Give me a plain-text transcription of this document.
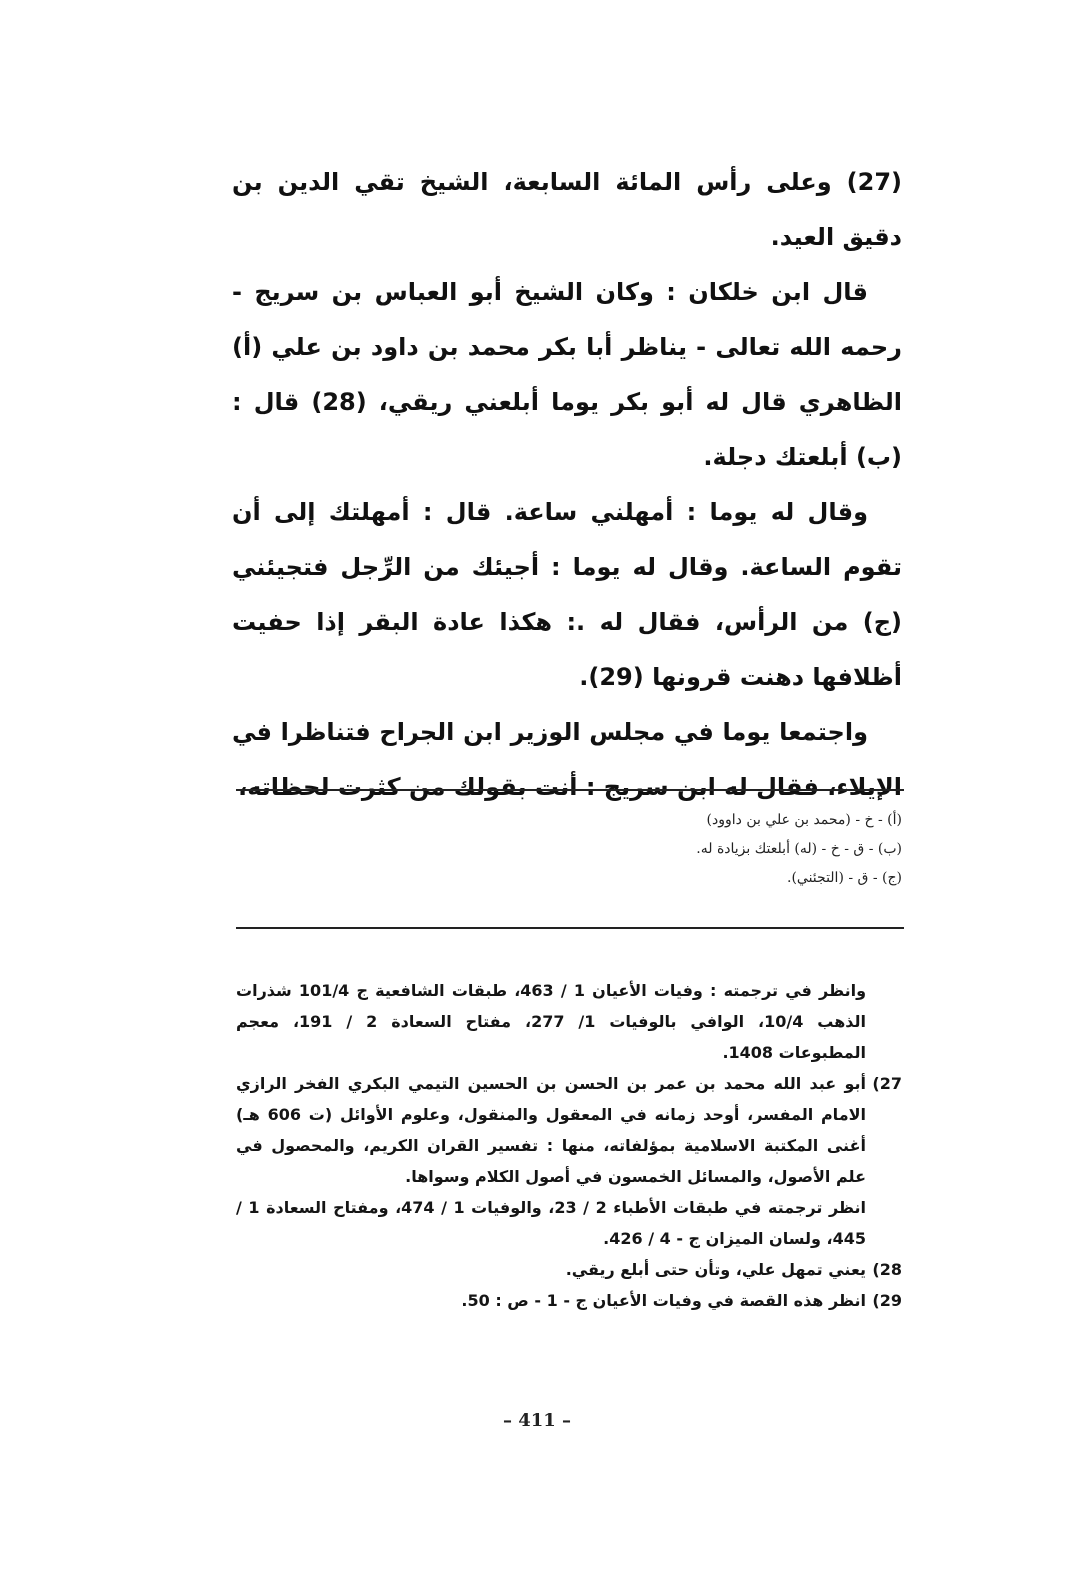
(27) وعلى رأس المائة السابعة، الشيخ تقي الدين بن دقيق العيد.

قال ابن خلكان : وكان الشيخ أبو العباس بن سريج - رحمه الله تعالى - يناظر أبا بكر محمد بن داود بن علي (أ) الظاهري قال له أبو بكر يوما أبلعني ريقي، (28) قال : (ب) أبلعتك دجلة.

وقال له يوما : أمهلني ساعة. قال : أمهلتك إلى أن تقوم الساعة. وقال له يوما : أجيئك من الرِّجل فتجيئني (ج) من الرأس، فقال له .: هكذا عادة البقر إذا حفيت أظلافها دهنت قرونها (29).

واجتمعا يوما في مجلس الوزير ابن الجراح فتناظرا في الإيلاء، فقال له ابن سريج : أنت بقولك من كثرت لحظاته،

(أ) - خ - (محمد بن علي بن داوود)
(ب) - ق - خ - (له) أبلعتك بزيادة له.
(ج) - ق - (التجئني).

وانظر في ترجمته : وفيات الأعيان 1 / 463، طبقات الشافعية ج 101/4 شذرات الذهب 10/4، الوافي بالوفيات 1/ 277، مفتاح السعادة 2 / 191، معجم المطبوعات 1408.

27)

أبو عبد الله محمد بن عمر بن الحسن بن الحسين التيمي البكري الفخر الرازي الامام المفسر، أوحد زمانه في المعقول والمنقول، وعلوم الأوائل (ت 606 هـ) أغنى المكتبة الاسلامية بمؤلفاته، منها : تفسير القران الكريم، والمحصول في علم الأصول، والمسائل الخمسون في أصول الكلام وسواها.

انظر ترجمته في طبقات الأطباء 2 / 23، والوفيات 1 / 474، ومفتاح السعادة 1 / 445، ولسان الميزان ج - 4 / 426.

28)

يعني تمهل علي، وتأن حتى أبلع ريقي.

29)

انظر هذه القصة في وفيات الأعيان ج - 1 - ص : 50.

– 411 –
